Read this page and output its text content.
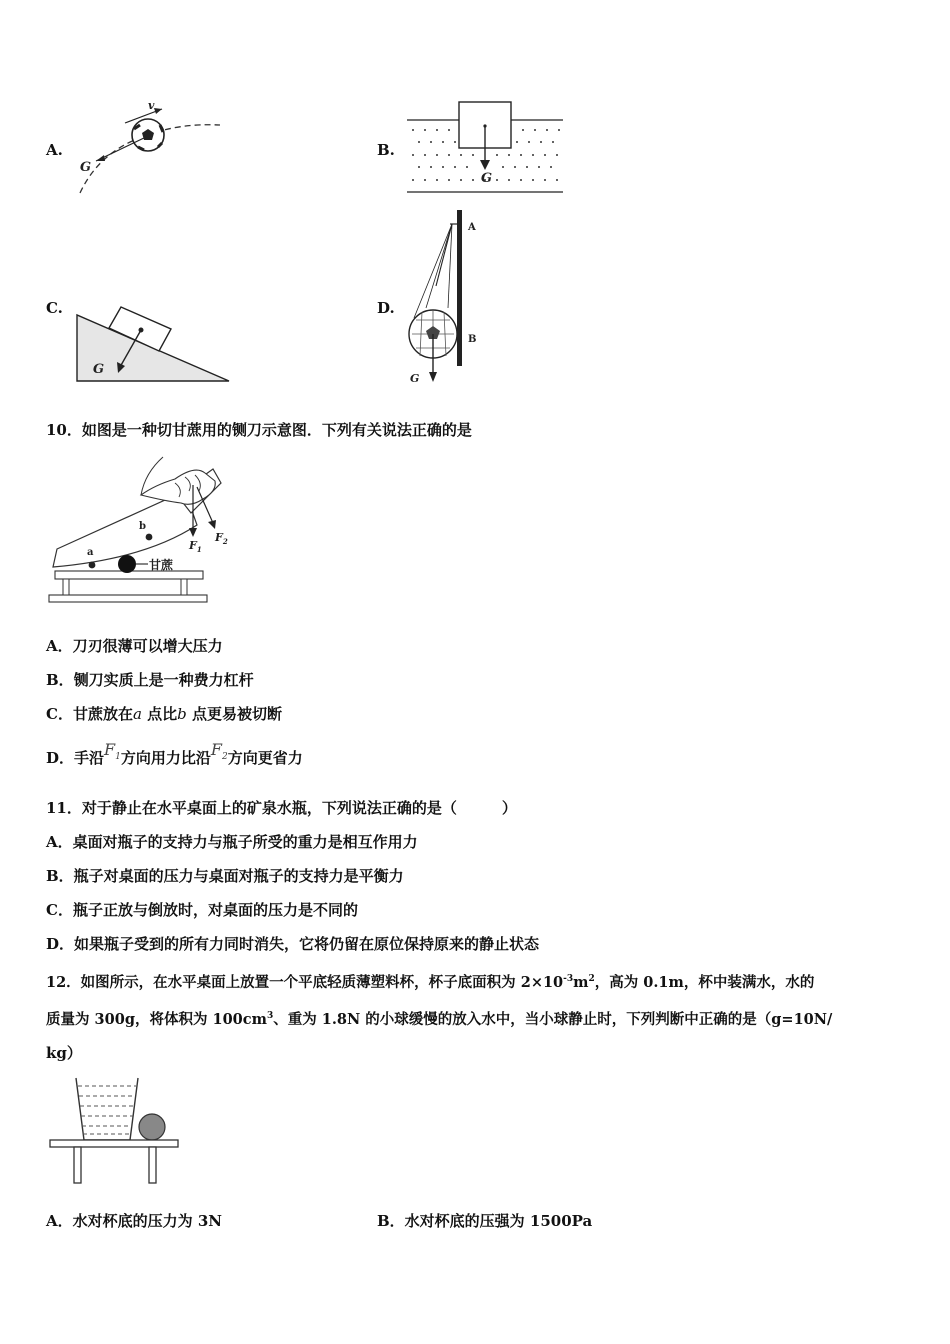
A.	B.
C.	D.
v
G
G
G
A
B
G
10．如图是一种切甘蔗用的铡刀示意图．下列有关说法正确的是
a
b
甘蔗
$F_1$
$F_2$
A．刀刃很薄可以增大压力
B．铡刀实质上是一种费力杠杆
C．甘蔗放在a 点比b 点更易被切断
D．手沿$F_1$方向用力比沿$F_2$方向更省力
11．对于静止在水平桌面上的矿泉水瓶，下列说法正确的是（　　　）
A．桌面对瓶子的支持力与瓶子所受的重力是相互作用力
B．瓶子对桌面的压力与桌面对瓶子的支持力是平衡力
C．瓶子正放与倒放时，对桌面的压力是不同的
D．如果瓶子受到的所有力同时消失，它将仍留在原位保持原来的静止状态
12．如图所示，在水平桌面上放置一个平底轻质薄塑料杯，杯子底面积为 $2\times 10^{-3}m^2$，高为 0.1m，杯中装满水，水的
质量为 300g，将体积为 $100cm^3$、重为 1.8N 的小球缓慢的放入水中，当小球静止时，下列判断中正确的是（g=10N/
kg）
A．水对杯底的压力为 3N	B．水对杯底的压强为 1500Pa
